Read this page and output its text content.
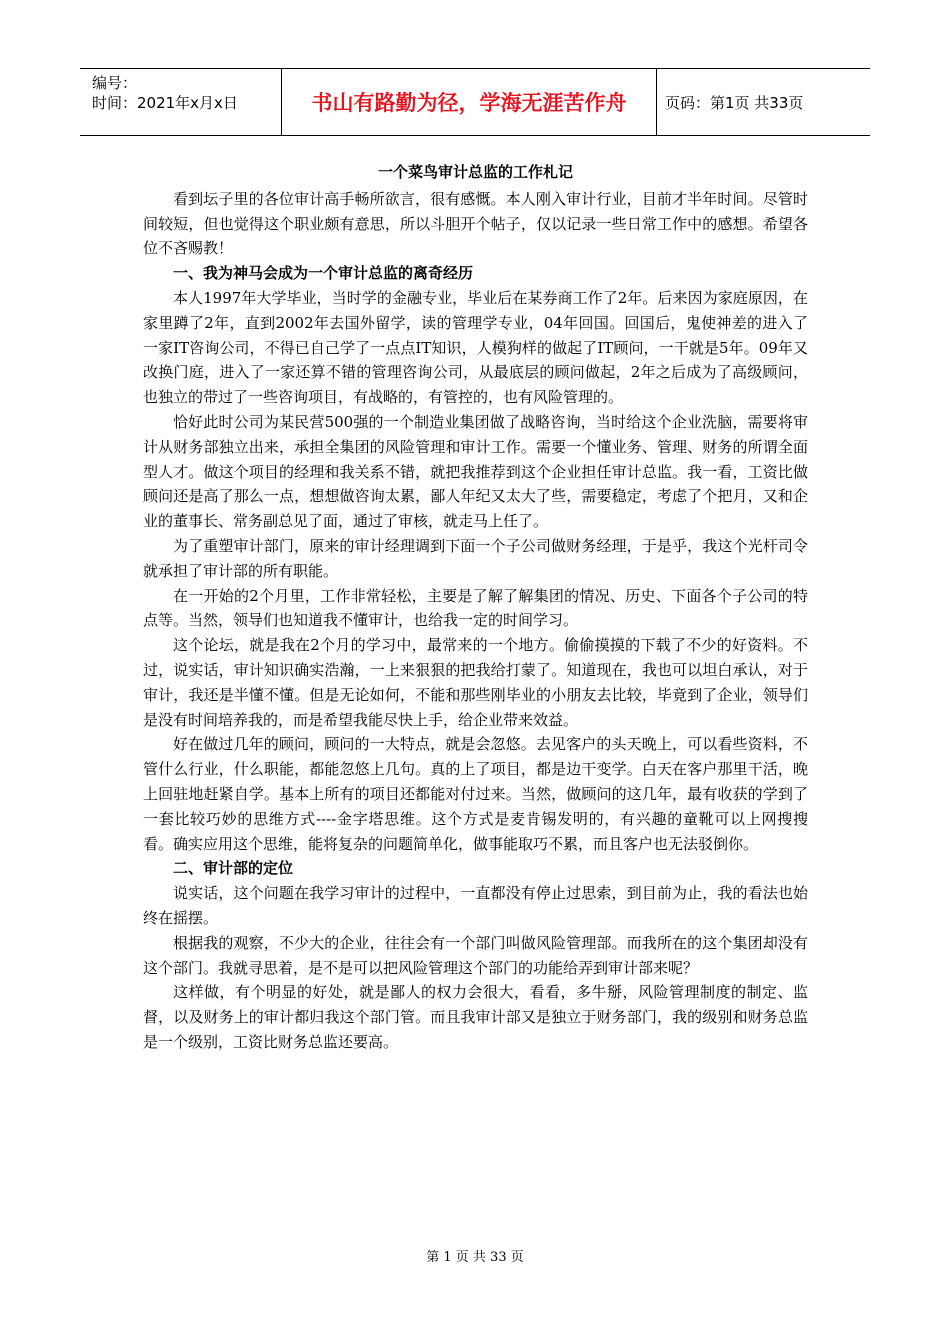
编号：
时间：2021年x月x日	书山有路勤为径，学海无涯苦作舟	页码：第1页 共33页
一个菜鸟审计总监的工作札记

看到坛子里的各位审计高手畅所欲言，很有感慨。本人刚入审计行业，目前才半年时间。尽管时间较短，但也觉得这个职业颇有意思，所以斗胆开个帖子，仅以记录一些日常工作中的感想。希望各位不吝赐教！

一、我为神马会成为一个审计总监的离奇经历

本人1997年大学毕业，当时学的金融专业，毕业后在某券商工作了2年。后来因为家庭原因，在家里蹲了2年，直到2002年去国外留学，读的管理学专业，04年回国。回国后，鬼使神差的进入了一家IT咨询公司，不得已自己学了一点点IT知识，人模狗样的做起了IT顾问，一干就是5年。09年又改换门庭，进入了一家还算不错的管理咨询公司，从最底层的顾问做起，2年之后成为了高级顾问，也独立的带过了一些咨询项目，有战略的，有管控的，也有风险管理的。

恰好此时公司为某民营500强的一个制造业集团做了战略咨询，当时给这个企业洗脑，需要将审计从财务部独立出来，承担全集团的风险管理和审计工作。需要一个懂业务、管理、财务的所谓全面型人才。做这个项目的经理和我关系不错，就把我推荐到这个企业担任审计总监。我一看，工资比做顾问还是高了那么一点，想想做咨询太累，鄙人年纪又太大了些，需要稳定，考虑了个把月，又和企业的董事长、常务副总见了面，通过了审核，就走马上任了。

为了重塑审计部门，原来的审计经理调到下面一个子公司做财务经理，于是乎，我这个光杆司令就承担了审计部的所有职能。

在一开始的2个月里，工作非常轻松，主要是了解了解集团的情况、历史、下面各个子公司的特点等。当然，领导们也知道我不懂审计，也给我一定的时间学习。

这个论坛，就是我在2个月的学习中，最常来的一个地方。偷偷摸摸的下载了不少的好资料。不过，说实话，审计知识确实浩瀚，一上来狠狠的把我给打蒙了。知道现在，我也可以坦白承认，对于审计，我还是半懂不懂。但是无论如何，不能和那些刚毕业的小朋友去比较，毕竟到了企业，领导们是没有时间培养我的，而是希望我能尽快上手，给企业带来效益。

好在做过几年的顾问，顾问的一大特点，就是会忽悠。去见客户的头天晚上，可以看些资料，不管什么行业，什么职能，都能忽悠上几句。真的上了项目，都是边干变学。白天在客户那里干活，晚上回驻地赶紧自学。基本上所有的项目还都能对付过来。当然，做顾问的这几年，最有收获的学到了一套比较巧妙的思维方式----金字塔思维。这个方式是麦肯锡发明的，有兴趣的童靴可以上网搜搜看。确实应用这个思维，能将复杂的问题简单化，做事能取巧不累，而且客户也无法驳倒你。

二、审计部的定位

说实话，这个问题在我学习审计的过程中，一直都没有停止过思索，到目前为止，我的看法也始终在摇摆。

根据我的观察，不少大的企业，往往会有一个部门叫做风险管理部。而我所在的这个集团却没有这个部门。我就寻思着，是不是可以把风险管理这个部门的功能给弄到审计部来呢？

这样做，有个明显的好处，就是鄙人的权力会很大，看看，多牛掰，风险管理制度的制定、监督，以及财务上的审计都归我这个部门管。而且我审计部又是独立于财务部门，我的级别和财务总监是一个级别，工资比财务总监还要高。

第 1 页 共 33 页
